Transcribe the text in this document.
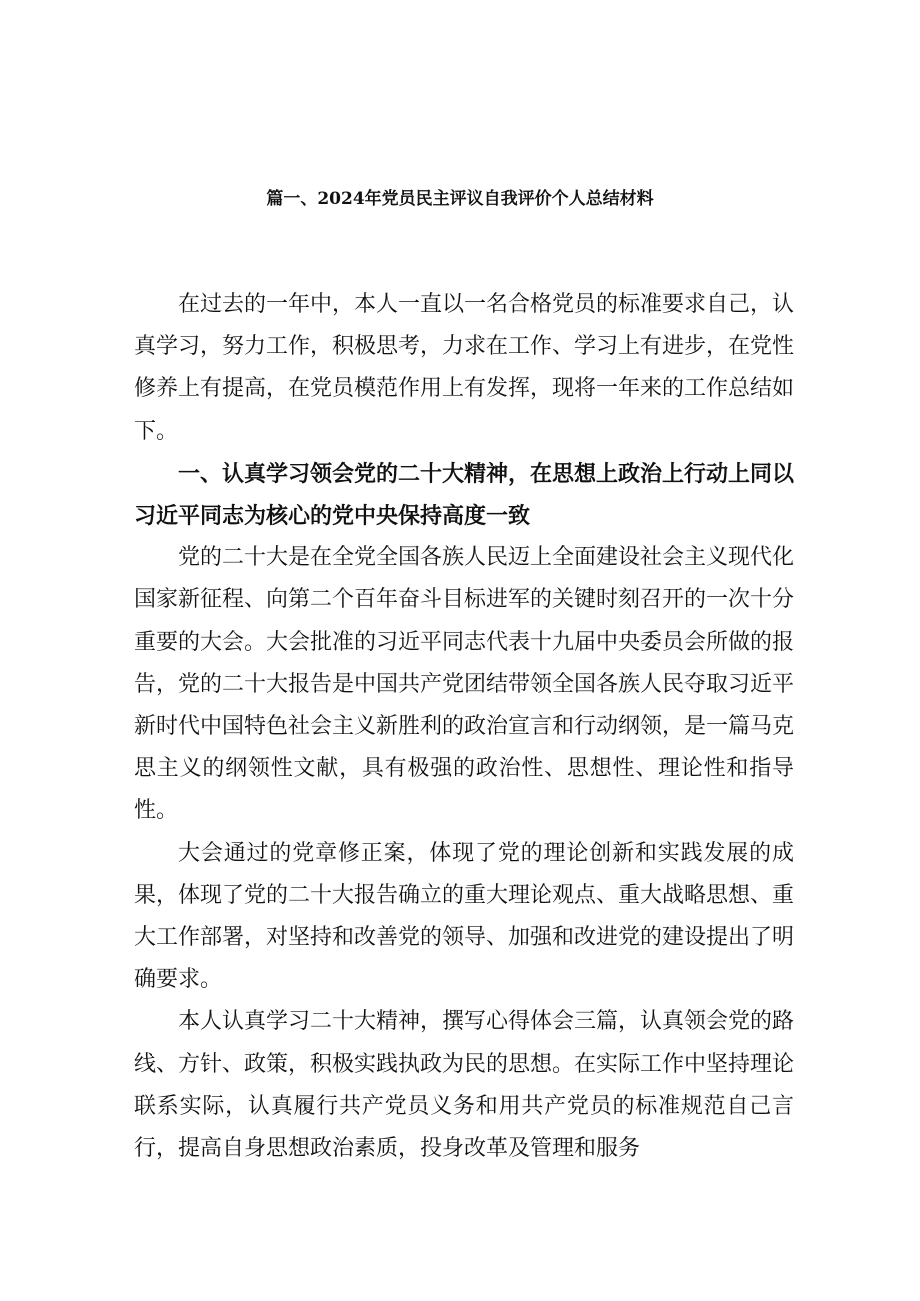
篇一、2024年党员民主评议自我评价个人总结材料

在过去的一年中，本人一直以一名合格党员的标准要求自己，认真学习，努力工作，积极思考，力求在工作、学习上有进步，在党性修养上有提高，在党员模范作用上有发挥，现将一年来的工作总结如下。

一、认真学习领会党的二十大精神，在思想上政治上行动上同以习近平同志为核心的党中央保持高度一致

党的二十大是在全党全国各族人民迈上全面建设社会主义现代化国家新征程、向第二个百年奋斗目标进军的关键时刻召开的一次十分重要的大会。大会批准的习近平同志代表十九届中央委员会所做的报告，党的二十大报告是中国共产党团结带领全国各族人民夺取习近平新时代中国特色社会主义新胜利的政治宣言和行动纲领，是一篇马克思主义的纲领性文献，具有极强的政治性、思想性、理论性和指导性。

大会通过的党章修正案，体现了党的理论创新和实践发展的成果，体现了党的二十大报告确立的重大理论观点、重大战略思想、重大工作部署，对坚持和改善党的领导、加强和改进党的建设提出了明确要求。

本人认真学习二十大精神，撰写心得体会三篇，认真领会党的路线、方针、政策，积极实践执政为民的思想。在实际工作中坚持理论联系实际，认真履行共产党员义务和用共产党员的标准规范自己言行，提高自身思想政治素质，投身改革及管理和服务
